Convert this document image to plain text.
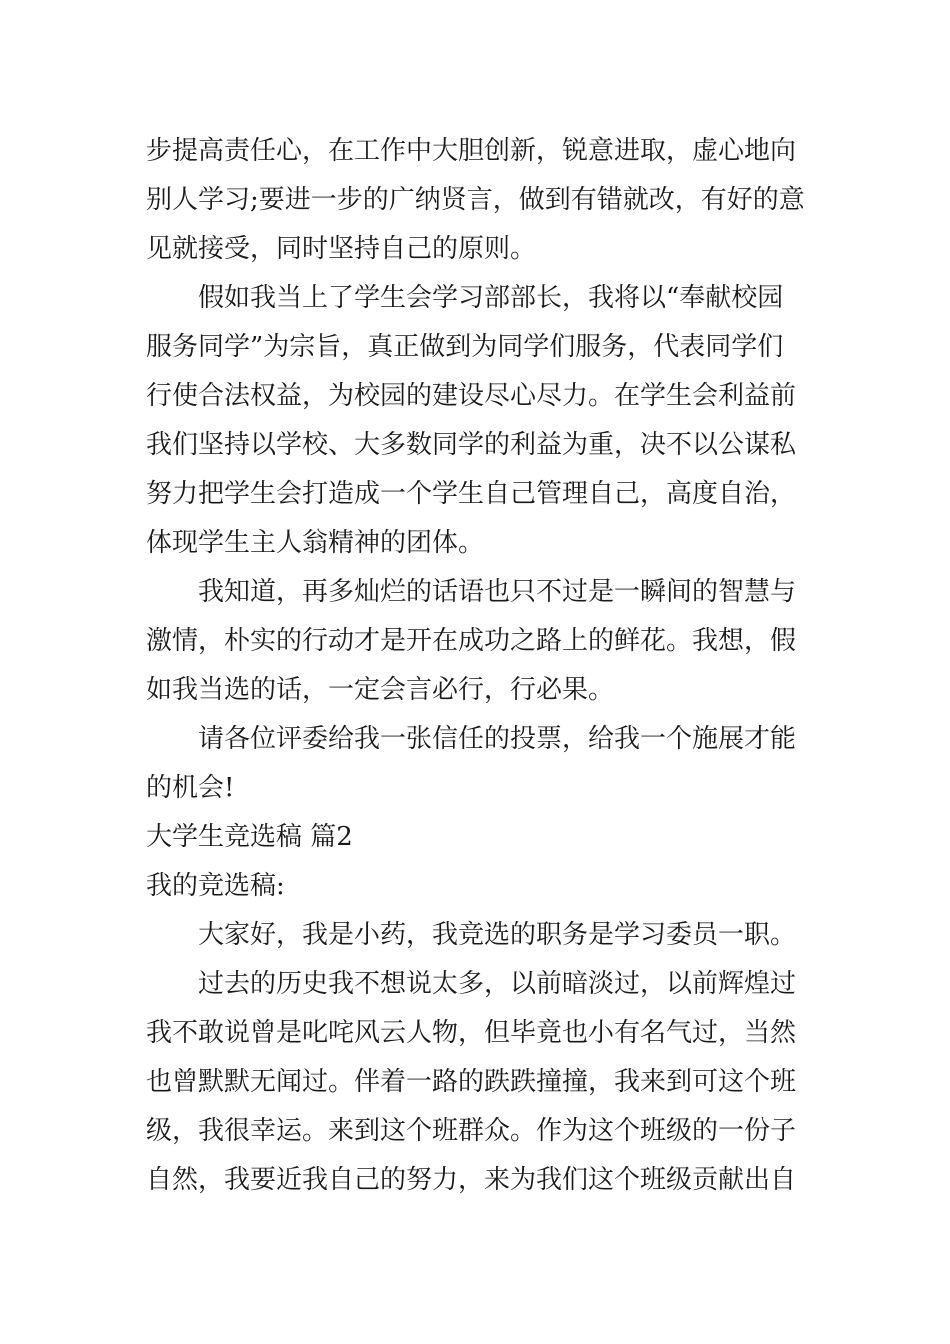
步提高责任心，在工作中大胆创新，锐意进取，虚心地向
别人学习;要进一步的广纳贤言，做到有错就改，有好的意
见就接受，同时坚持自己的原则。
假如我当上了学生会学习部部长，我将以“奉献校园
服务同学”为宗旨，真正做到为同学们服务，代表同学们
行使合法权益，为校园的建设尽心尽力。在学生会利益前
我们坚持以学校、大多数同学的利益为重，决不以公谋私
努力把学生会打造成一个学生自己管理自己，高度自治，
体现学生主人翁精神的团体。
我知道，再多灿烂的话语也只不过是一瞬间的智慧与
激情，朴实的行动才是开在成功之路上的鲜花。我想，假
如我当选的话，一定会言必行，行必果。
请各位评委给我一张信任的投票，给我一个施展才能
的机会!
大学生竞选稿 篇2
我的竞选稿:
大家好，我是小药，我竞选的职务是学习委员一职。
过去的历史我不想说太多，以前暗淡过，以前辉煌过
我不敢说曾是叱咤风云人物，但毕竟也小有名气过，当然
也曾默默无闻过。伴着一路的跌跌撞撞，我来到可这个班
级，我很幸运。来到这个班群众。作为这个班级的一份子
自然，我要近我自己的努力，来为我们这个班级贡献出自
